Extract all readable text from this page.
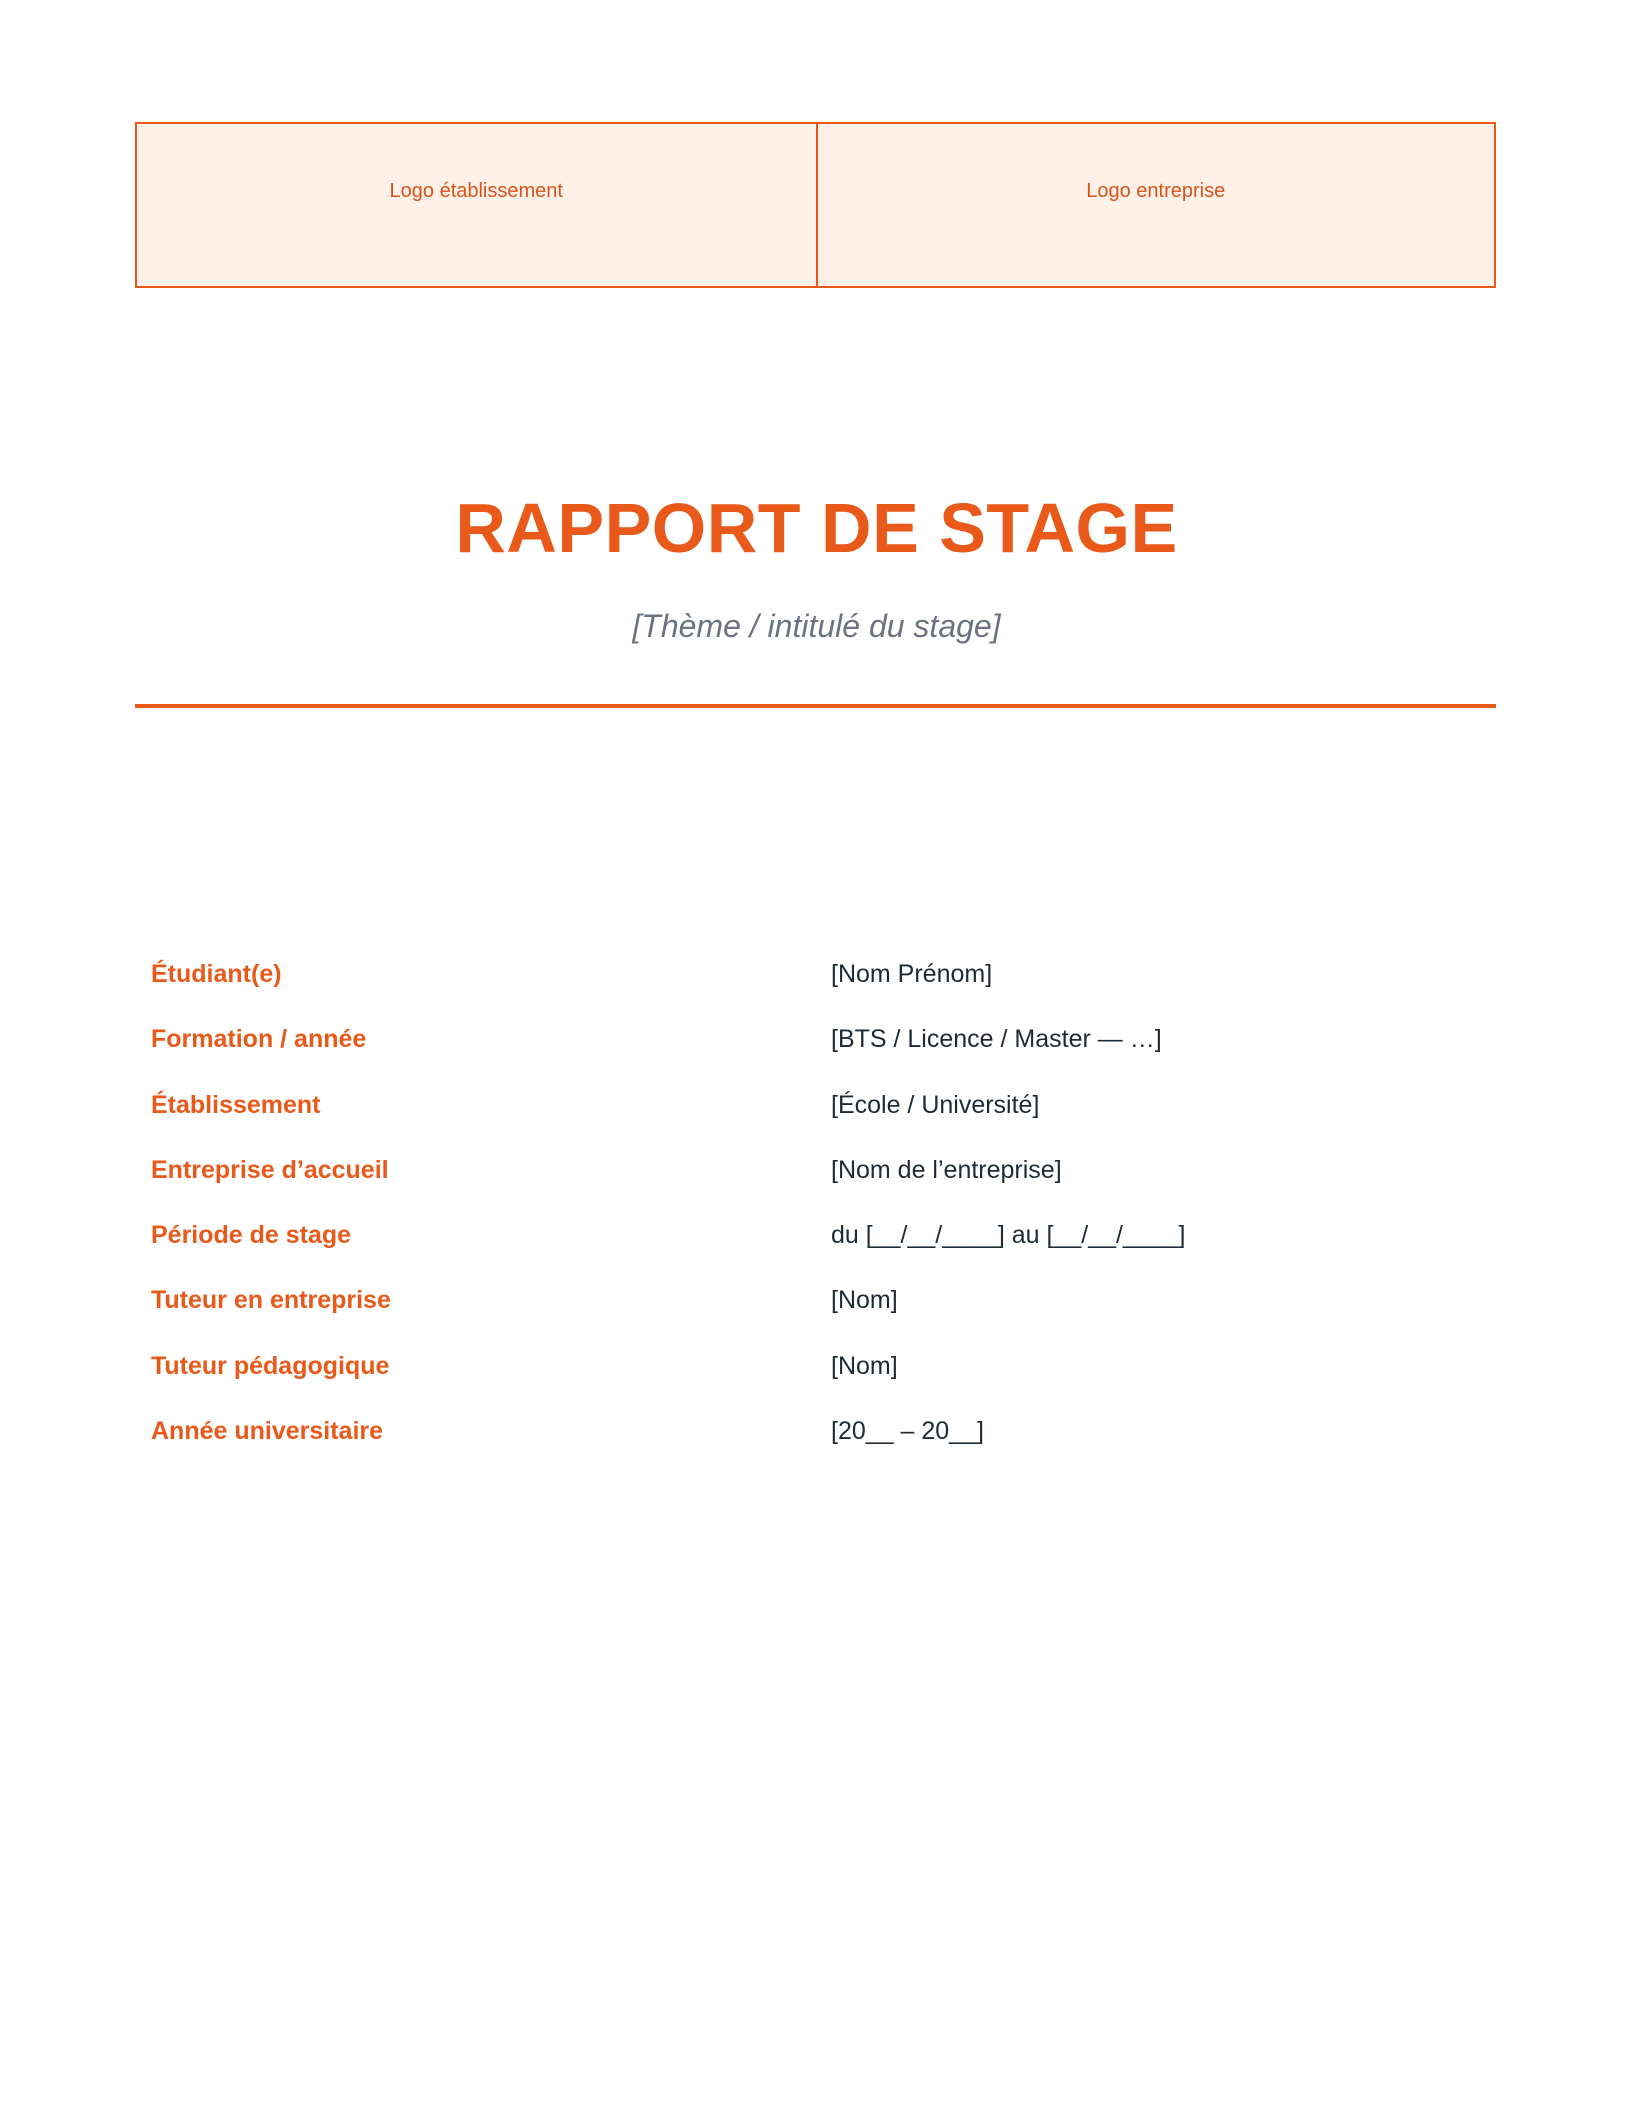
Logo établissement	Logo entreprise
RAPPORT DE STAGE
[Thème / intitulé du stage]
Étudiant(e)	[Nom Prénom]
Formation / année	[BTS / Licence / Master — …]
Établissement	[École / Université]
Entreprise d’accueil	[Nom de l’entreprise]
Période de stage	du [__/__/____] au [__/__/____]
Tuteur en entreprise	[Nom]
Tuteur pédagogique	[Nom]
Année universitaire	[20__ – 20__]
